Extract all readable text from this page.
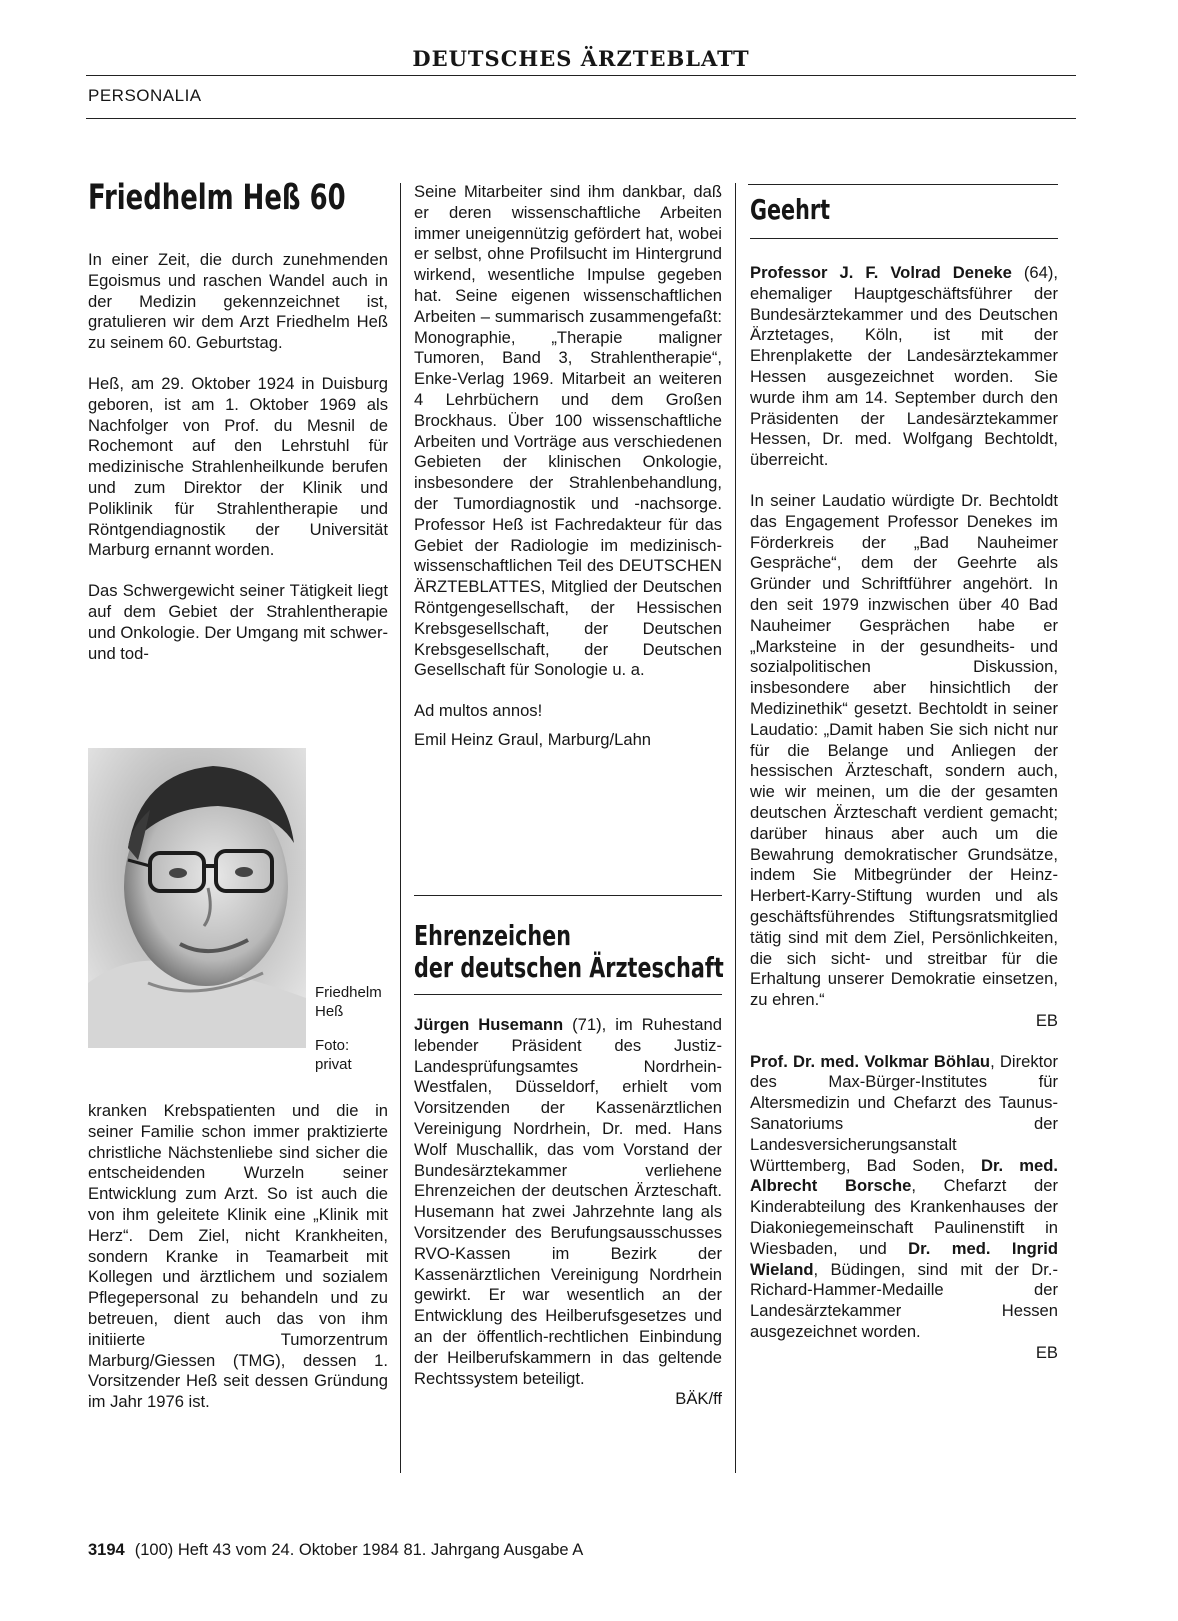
DEUTSCHES ÄRZTEBLATT
PERSONALIA
Friedhelm Heß 60

In einer Zeit, die durch zunehmenden Egoismus und raschen Wandel auch in der Medizin gekennzeichnet ist, gratulieren wir dem Arzt Friedhelm Heß zu seinem 60. Geburtstag.

Heß, am 29. Oktober 1924 in Duisburg geboren, ist am 1. Oktober 1969 als Nachfolger von Prof. du Mesnil de Rochemont auf den Lehrstuhl für medizinische Strahlenheilkunde berufen und zum Direktor der Klinik und Poliklinik für Strahlentherapie und Röntgendiagnostik der Universität Marburg ernannt worden.

Das Schwergewicht seiner Tätigkeit liegt auf dem Gebiet der Strahlentherapie und Onkologie. Der Umgang mit schwer- und tod-

Friedhelm
Heß
Foto:
privat

kranken Krebspatienten und die in seiner Familie schon immer praktizierte christliche Nächstenliebe sind sicher die entscheidenden Wurzeln seiner Entwicklung zum Arzt. So ist auch die von ihm geleitete Klinik eine „Klinik mit Herz“. Dem Ziel, nicht Krankheiten, sondern Kranke in Teamarbeit mit Kollegen und ärztlichem und sozialem Pflegepersonal zu behandeln und zu betreuen, dient auch das von ihm initiierte Tumorzentrum Marburg/Giessen (TMG), dessen 1. Vorsitzender Heß seit dessen Gründung im Jahr 1976 ist.

Seine Mitarbeiter sind ihm dankbar, daß er deren wissenschaftliche Arbeiten immer uneigennützig gefördert hat, wobei er selbst, ohne Profilsucht im Hintergrund wirkend, wesentliche Impulse gegeben hat. Seine eigenen wissenschaftlichen Arbeiten – summarisch zusammengefaßt: Monographie, „Therapie maligner Tumoren, Band 3, Strahlentherapie“, Enke-Verlag 1969. Mitarbeit an weiteren 4 Lehrbüchern und dem Großen Brockhaus. Über 100 wissenschaftliche Arbeiten und Vorträge aus verschiedenen Gebieten der klinischen Onkologie, insbesondere der Strahlenbehandlung, der Tumordiagnostik und -nachsorge. Professor Heß ist Fachredakteur für das Gebiet der Radiologie im medizinisch-wissenschaftlichen Teil des DEUTSCHEN ÄRZTEBLATTES, Mitglied der Deutschen Röntgengesellschaft, der Hessischen Krebsgesellschaft, der Deutschen Krebsgesellschaft, der Deutschen Gesellschaft für Sonologie u. a.

Ad multos annos!

Emil Heinz Graul, Marburg/Lahn

Ehrenzeichen
der deutschen Ärzteschaft
Jürgen Husemann (71), im Ruhestand lebender Präsident des Justiz-Landesprüfungsamtes Nordrhein-Westfalen, Düsseldorf, erhielt vom Vorsitzenden der Kassenärztlichen Vereinigung Nordrhein, Dr. med. Hans Wolf Muschallik, das vom Vorstand der Bundesärztekammer verliehene Ehrenzeichen der deutschen Ärzteschaft. Husemann hat zwei Jahrzehnte lang als Vorsitzender des Berufungsausschusses RVO-Kassen im Bezirk der Kassenärztlichen Vereinigung Nordrhein gewirkt. Er war wesentlich an der Entwicklung des Heilberufsgesetzes und an der öffentlich-rechtlichen Einbindung der Heilberufskammern in das geltende Rechtssystem beteiligt.
BÄK/ff
Geehrt

Professor J. F. Volrad Deneke (64), ehemaliger Hauptgeschäftsführer der Bundesärztekammer und des Deutschen Ärztetages, Köln, ist mit der Ehrenplakette der Landesärztekammer Hessen ausgezeichnet worden. Sie wurde ihm am 14. September durch den Präsidenten der Landesärztekammer Hessen, Dr. med. Wolfgang Bechtoldt, überreicht.

In seiner Laudatio würdigte Dr. Bechtoldt das Engagement Professor Denekes im Förderkreis der „Bad Nauheimer Gespräche“, dem der Geehrte als Gründer und Schriftführer angehört. In den seit 1979 inzwischen über 40 Bad Nauheimer Gesprächen habe er „Marksteine in der gesundheits- und sozialpolitischen Diskussion, insbesondere aber hinsichtlich der Medizinethik“ gesetzt. Bechtoldt in seiner Laudatio: „Damit haben Sie sich nicht nur für die Belange und Anliegen der hessischen Ärzteschaft, sondern auch, wie wir meinen, um die der gesamten deutschen Ärzteschaft verdient gemacht; darüber hinaus aber auch um die Bewahrung demokratischer Grundsätze, indem Sie Mitbegründer der Heinz-Herbert-Karry-Stiftung wurden und als geschäftsführendes Stiftungsratsmitglied tätig sind mit dem Ziel, Persönlichkeiten, die sich sicht- und streitbar für die Erhaltung unserer Demokratie einsetzen, zu ehren.“
EB
Prof. Dr. med. Volkmar Böhlau, Direktor des Max-Bürger-Institutes für Altersmedizin und Chefarzt des Taunus-Sanatoriums der Landesversicherungsanstalt Württemberg, Bad Soden, Dr. med. Albrecht Borsche, Chefarzt der Kinderabteilung des Krankenhauses der Diakoniegemeinschaft Paulinenstift in Wiesbaden, und Dr. med. Ingrid Wieland, Büdingen, sind mit der Dr.-Richard-Hammer-Medaille der Landesärztekammer Hessen ausgezeichnet worden.
EB
3194 (100) Heft 43 vom 24. Oktober 1984 81. Jahrgang Ausgabe A
